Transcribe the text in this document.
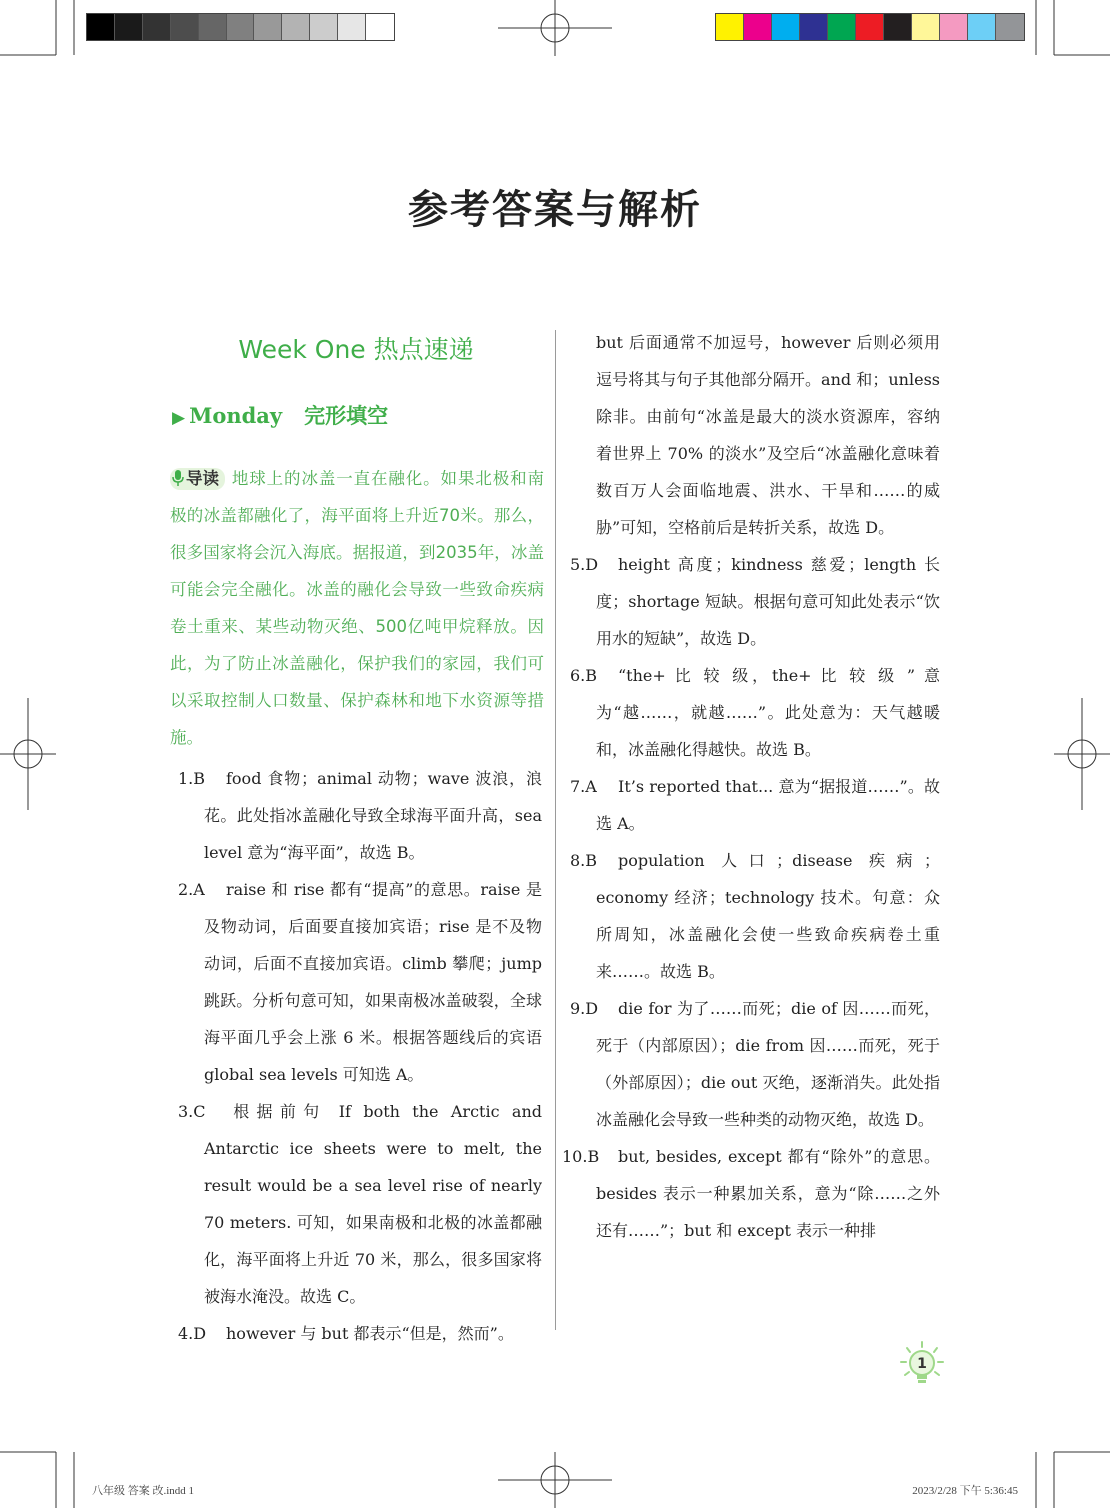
参考答案与解析
Week One 热点速递
▶ Monday 完形填空
导读 地球上的冰盖一直在融化。如果北极和南极的冰盖都融化了，海平面将上升近70米。那么，很多国家将会沉入海底。据报道，到2035年，冰盖可能会完全融化。冰盖的融化会导致一些致命疾病卷土重来、某些动物灭绝、500亿吨甲烷释放。因此，为了防止冰盖融化，保护我们的家园，我们可以采取控制人口数量、保护森林和地下水资源等措施。
1.B	food 食物；animal 动物；wave 波浪，浪花。此处指冰盖融化导致全球海平面升高，sea level 意为“海平面”，故选 B。
2.A	raise 和 rise 都有“提高”的意思。raise 是及物动词，后面要直接加宾语；rise 是不及物动词，后面不直接加宾语。climb 攀爬；jump 跳跃。分析句意可知，如果南极冰盖破裂，全球海平面几乎会上涨 6 米。根据答题线后的宾语 global sea levels 可知选 A。
3.C	根据前句 If both the Arctic and Antarctic ice sheets were to melt, the result would be a sea level rise of nearly 70 meters. 可知，如果南极和北极的冰盖都融化，海平面将上升近 70 米，那么，很多国家将被海水淹没。故选 C。
4.D	however 与 but 都表示“但是，然而”。
but 后面通常不加逗号，however 后则必须用逗号将其与句子其他部分隔开。and 和；unless 除非。由前句“冰盖是最大的淡水资源库，容纳着世界上 70% 的淡水”及空后“冰盖融化意味着数百万人会面临地震、洪水、干旱和……的威胁”可知，空格前后是转折关系，故选 D。
5.D	height 高度；kindness 慈爱；length 长度；shortage 短缺。根据句意可知此处表示“饮用水的短缺”，故选 D。
6.B	“the+ 比 较 级，the+ 比 较 级 ” 意 为“越……，就越……”。此处意为：天气越暖和，冰盖融化得越快。故选 B。
7.A	It’s reported that... 意为“据报道……”。故选 A。
8.B	population 人口；disease 疾病；economy 经济；technology 技术。句意：众所周知，冰盖融化会使一些致命疾病卷土重来……。故选 B。
9.D	die for 为了……而死；die of 因……而死，死于（内部原因）；die from 因……而死，死于（外部原因）；die out 灭绝，逐渐消失。此处指冰盖融化会导致一些种类的动物灭绝，故选 D。
10.B but, besides, except 都有“除外”的意思。besides 表示一种累加关系，意为“除……之外还有……”；but 和 except 表示一种排
1
八年级 答案 改.indd 1	2023/2/28 下午 5:36:45
